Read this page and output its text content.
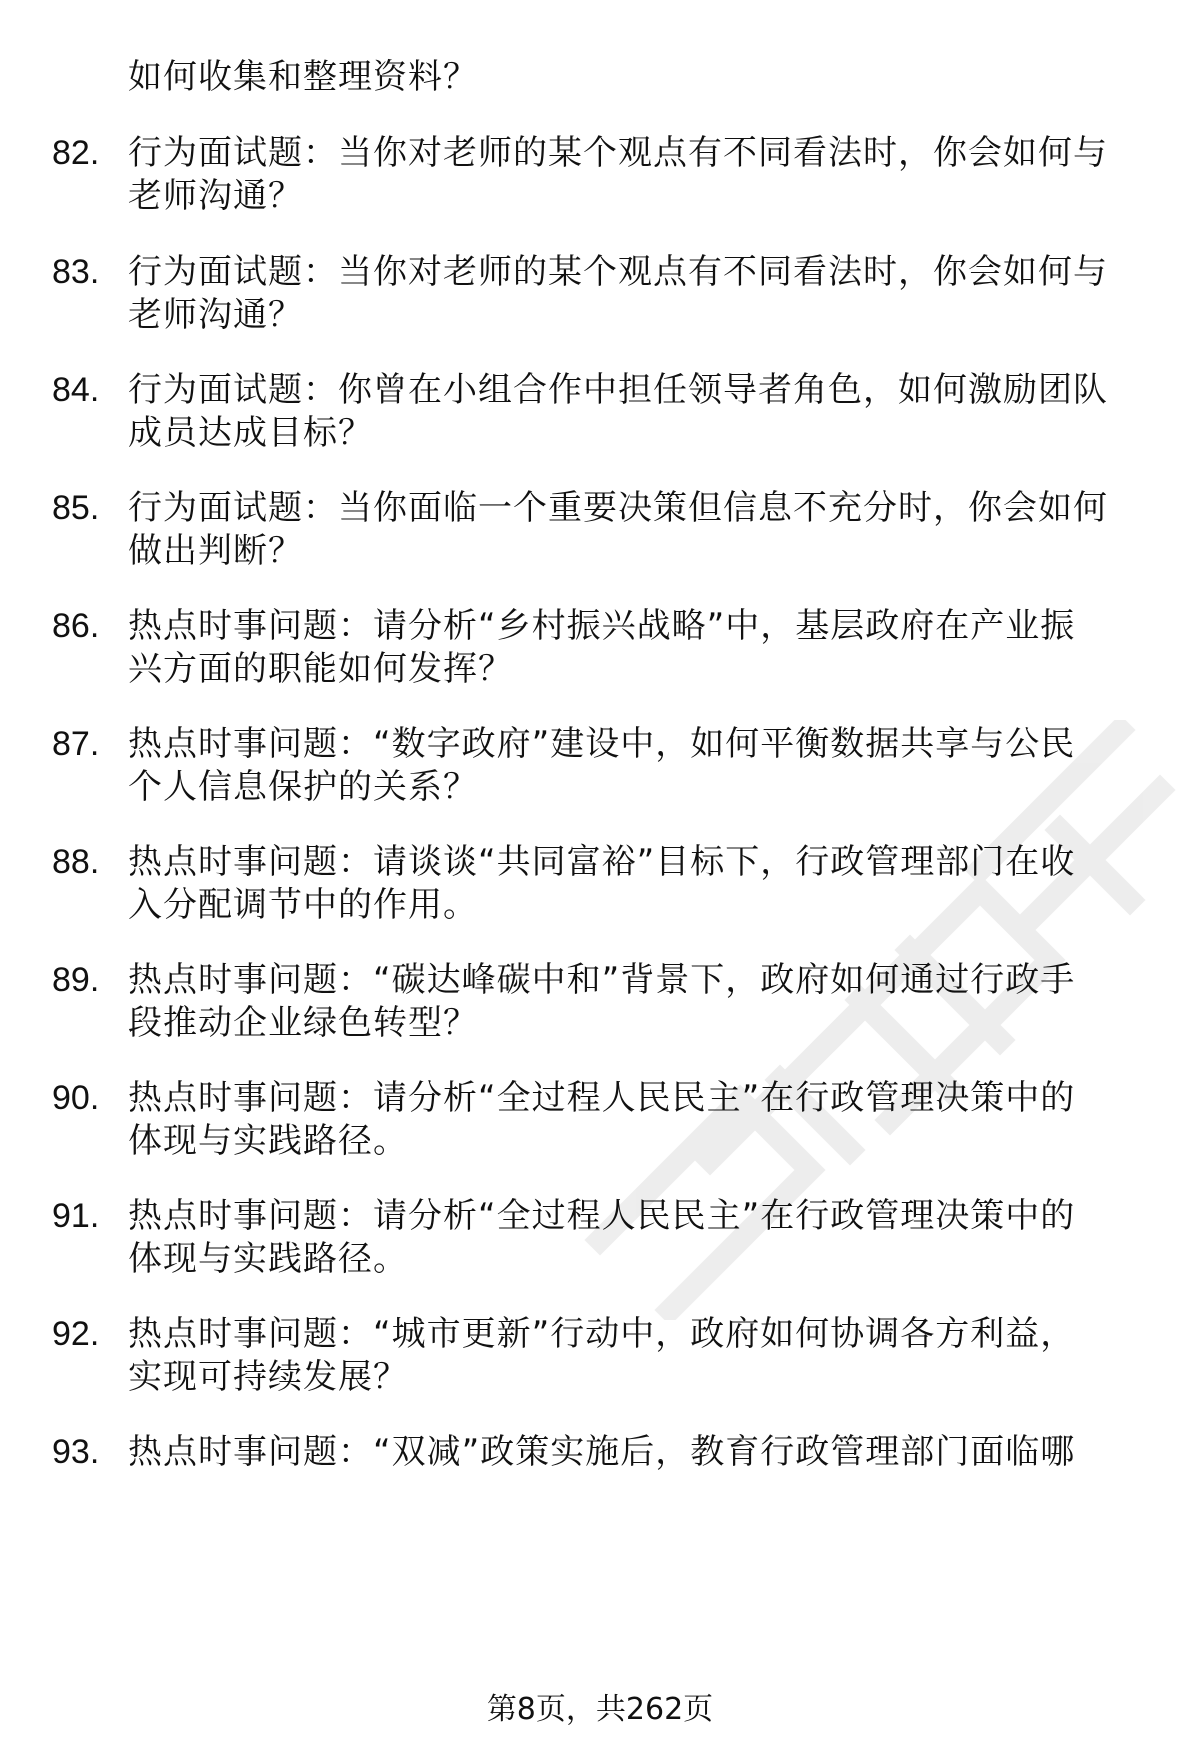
如何收集和整理资料？
82. 行为面试题：当你对老师的某个观点有不同看法时，你会如何与
老师沟通？
83. 行为面试题：当你对老师的某个观点有不同看法时，你会如何与
老师沟通？
84. 行为面试题：你曾在小组合作中担任领导者角色，如何激励团队
成员达成目标？
85. 行为面试题：当你面临一个重要决策但信息不充分时，你会如何
做出判断？
86. 热点时事问题：请分析“乡村振兴战略”中，基层政府在产业振
兴方面的职能如何发挥？
87. 热点时事问题：“数字政府”建设中，如何平衡数据共享与公民
个人信息保护的关系？
88. 热点时事问题：请谈谈“共同富裕”目标下，行政管理部门在收
入分配调节中的作用。
89. 热点时事问题：“碳达峰碳中和”背景下，政府如何通过行政手
段推动企业绿色转型？
90. 热点时事问题：请分析“全过程人民民主”在行政管理决策中的
体现与实践路径。
91. 热点时事问题：请分析“全过程人民民主”在行政管理决策中的
体现与实践路径。
92. 热点时事问题：“城市更新”行动中，政府如何协调各方利益，
实现可持续发展？
93. 热点时事问题：“双减”政策实施后，教育行政管理部门面临哪
第8页，共262页
